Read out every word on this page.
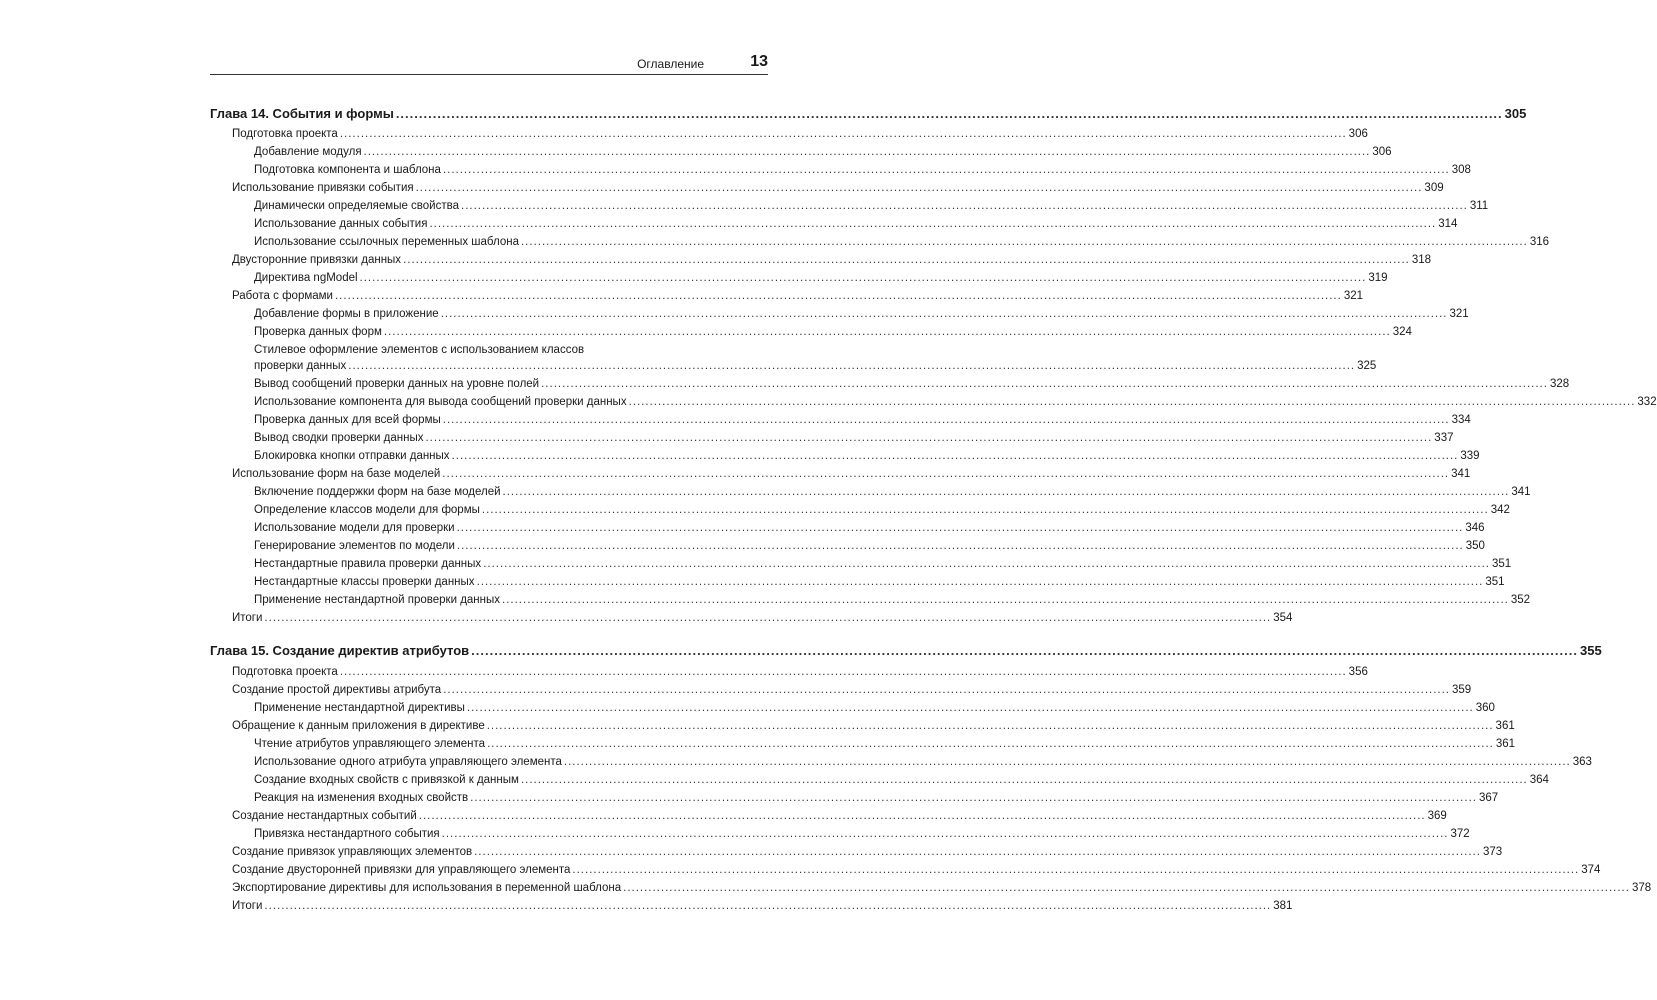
Оглавление	13
Глава 14. События и формы .....	305
Подготовка проекта .....	306
Добавление модуля .....	306
Подготовка компонента и шаблона .....	308
Использование привязки события .....	309
Динамически определяемые свойства .....	311
Использование данных события .....	314
Использование ссылочных переменных шаблона .....	316
Двусторонние привязки данных .....	318
Директива ngModel .....	319
Работа с формами .....	321
Добавление формы в приложение .....	321
Проверка данных форм .....	324
Стилевое оформление элементов с использованием классов
проверки данных .....	325
Вывод сообщений проверки данных на уровне полей .....	328
Использование компонента для вывода сообщений проверки данных .....	332
Проверка данных для всей формы .....	334
Вывод сводки проверки данных .....	337
Блокировка кнопки отправки данных .....	339
Использование форм на базе моделей .....	341
Включение поддержки форм на базе моделей .....	341
Определение классов модели для формы .....	342
Использование модели для проверки .....	346
Генерирование элементов по модели .....	350
Нестандартные правила проверки данных .....	351
Нестандартные классы проверки данных .....	351
Применение нестандартной проверки данных .....	352
Итоги .....	354
Глава 15. Создание директив атрибутов .....	355
Подготовка проекта .....	356
Создание простой директивы атрибута .....	359
Применение нестандартной директивы .....	360
Обращение к данным приложения в директиве .....	361
Чтение атрибутов управляющего элемента .....	361
Использование одного атрибута управляющего элемента .....	363
Создание входных свойств с привязкой к данным .....	364
Реакция на изменения входных свойств .....	367
Создание нестандартных событий .....	369
Привязка нестандартного события .....	372
Создание привязок управляющих элементов .....	373
Создание двусторонней привязки для управляющего элемента .....	374
Экспортирование директивы для использования в переменной шаблона .....	378
Итоги .....	381
